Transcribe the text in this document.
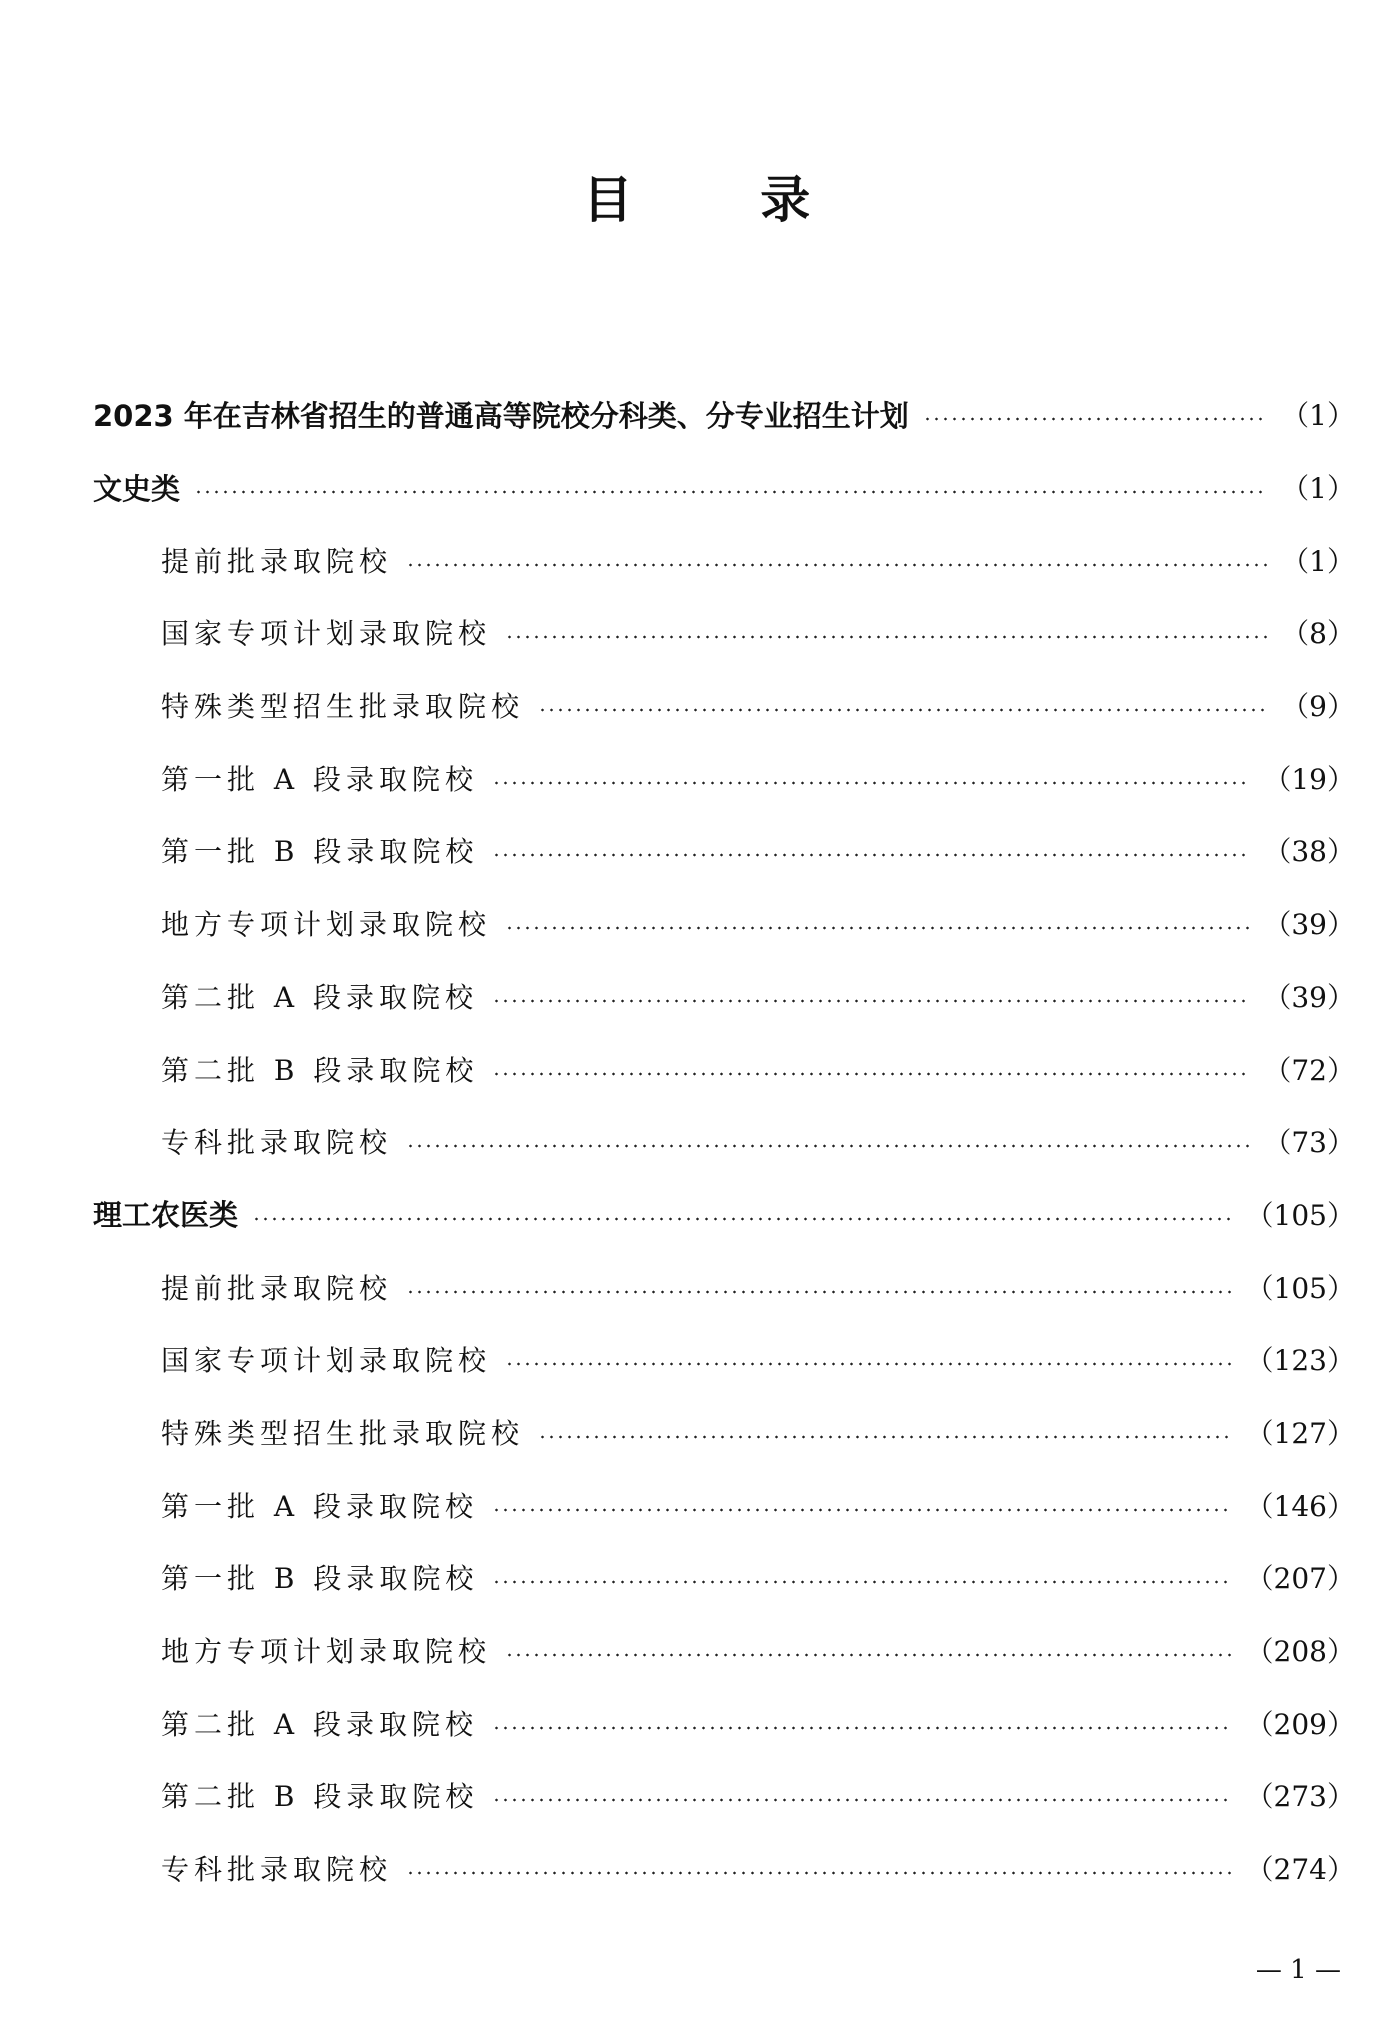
目 录
2023 年在吉林省招生的普通高等院校分科类、分专业招生计划	（1）
文史类	（1）
提前批录取院校	（1）
国家专项计划录取院校	（8）
特殊类型招生批录取院校	（9）
第一批 A 段录取院校	（19）
第一批 B 段录取院校	（38）
地方专项计划录取院校	（39）
第二批 A 段录取院校	（39）
第二批 B 段录取院校	（72）
专科批录取院校	（73）
理工农医类	（105）
提前批录取院校	（105）
国家专项计划录取院校	（123）
特殊类型招生批录取院校	（127）
第一批 A 段录取院校	（146）
第一批 B 段录取院校	（207）
地方专项计划录取院校	（208）
第二批 A 段录取院校	（209）
第二批 B 段录取院校	（273）
专科批录取院校	（274）
— 1 —
